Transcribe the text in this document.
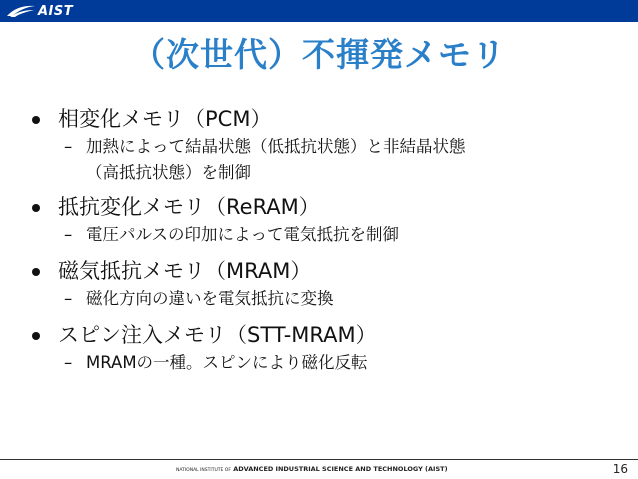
AIST
（次世代）不揮発メモリ
相変化メモリ（PCM）
– 加熱によって結晶状態（低抵抗状態）と非結晶状態
（高抵抗状態）を制御
抵抗変化メモリ（ReRAM）
– 電圧パルスの印加によって電気抵抗を制御
磁気抵抗メモリ（MRAM）
– 磁化方向の違いを電気抵抗に変換
スピン注入メモリ（STT-MRAM）
– MRAMの一種。スピンにより磁化反転
NATIONAL INSTITUTE OF ADVANCED INDUSTRIAL SCIENCE AND TECHNOLOGY (AIST)	16
